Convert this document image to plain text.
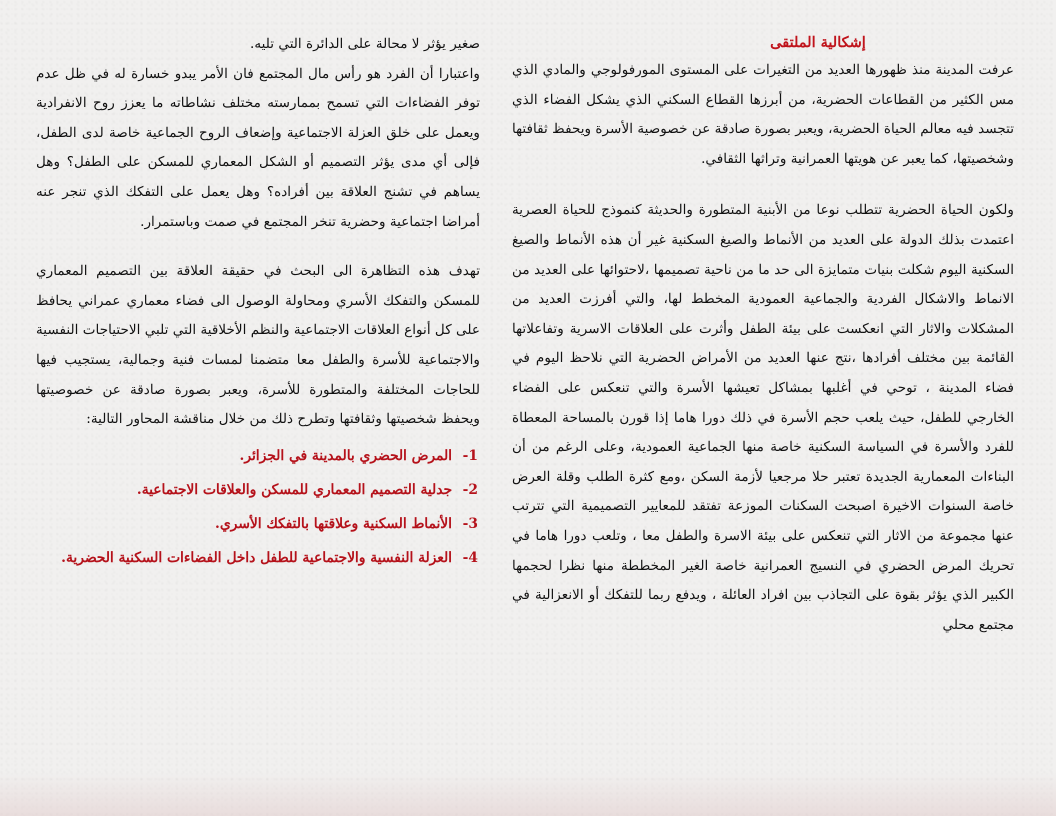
إشكالية الملتقى

عرفت المدينة منذ ظهورها العديد من التغيرات على المستوى المورفولوجي والمادي الذي مس الكثير من القطاعات الحضرية، من أبرزها القطاع السكني الذي يشكل الفضاء الذي تتجسد فيه معالم الحياة الحضرية، ويعبر بصورة صادقة عن خصوصية الأسرة ويحفظ ثقافتها وشخصيتها، كما يعبر عن هويتها العمرانية وتراثها الثقافي.

ولكون الحياة الحضرية تتطلب نوعا من الأبنية المتطورة والحديثة كنموذج للحياة العصرية اعتمدت بذلك الدولة على العديد من الأنماط والصيغ السكنية غير أن هذه الأنماط والصيغ السكنية اليوم شكلت بنيات متمايزة الى حد ما من ناحية تصميمها ،لاحتوائها على العديد من الانماط والاشكال الفردية والجماعية العمودية المخطط لها، والتي أفرزت العديد من المشكلات والاثار التي انعكست على بيئة الطفل وأثرت على العلاقات الاسرية وتفاعلاتها القائمة بين مختلف أفرادها ،نتج عنها العديد من الأمراض الحضرية التي نلاحظ اليوم في فضاء المدينة ، توحي في أغلبها بمشاكل تعيشها الأسرة والتي تنعكس على الفضاء الخارجي للطفل، حيث يلعب حجم الأسرة في ذلك دورا هاما إذا قورن بالمساحة المعطاة للفرد والأسرة في السياسة السكنية خاصة منها الجماعية العمودية، وعلى الرغم من أن البناءات المعمارية الجديدة تعتبر حلا مرجعيا لأزمة السكن ،ومع كثرة الطلب وقلة العرض خاصة السنوات الاخيرة اصبحت السكنات الموزعة تفتقد للمعايير التصميمية التي تترتب عنها مجموعة من الاثار التي تنعكس على بيئة الاسرة والطفل معا ، وتلعب دورا هاما في تحريك المرض الحضري في النسيج العمرانية خاصة الغير المخططة منها نظرا لحجمها الكبير الذي يؤثر بقوة على التجاذب بين افراد العائلة ، ويدفع ربما للتفكك أو الانعزالية في مجتمع محلي

صغير يؤثر لا محالة على الدائرة التي تليه.

واعتبارا أن الفرد هو رأس مال المجتمع فان الأمر يبدو خسارة له في ظل عدم توفر الفضاءات التي تسمح بممارسته مختلف نشاطاته ما يعزز روح الانفرادية ويعمل على خلق العزلة الاجتماعية وإضعاف الروح الجماعية خاصة لدى الطفل، فإلى أي مدى يؤثر التصميم أو الشكل المعماري للمسكن على الطفل؟ وهل يساهم في تشنج العلاقة بين أفراده؟ وهل يعمل على التفكك الذي تنجر عنه أمراضا اجتماعية وحضرية تنخر المجتمع في صمت وباستمرار.

تهدف هذه التظاهرة الى البحث في حقيقة العلاقة بين التصميم المعماري للمسكن والتفكك الأسري ومحاولة الوصول الى فضاء معماري عمراني يحافظ على كل أنواع العلاقات الاجتماعية والنظم الأخلاقية التي تلبي الاحتياجات النفسية والاجتماعية للأسرة والطفل معا متضمنا لمسات فنية وجمالية، يستجيب فيها للحاجات المختلفة والمتطورة للأسرة، ويعبر بصورة صادقة عن خصوصيتها ويحفظ شخصيتها وثقافتها وتطرح ذلك من خلال مناقشة المحاور التالية:

1-
المرض الحضري بالمدينة في الجزائر.
2-
جدلية التصميم المعماري للمسكن والعلاقات الاجتماعية.
3-
الأنماط السكنية وعلاقتها بالتفكك الأسري.
4-
العزلة النفسية والاجتماعية للطفل داخل الفضاءات السكنية الحضرية.
